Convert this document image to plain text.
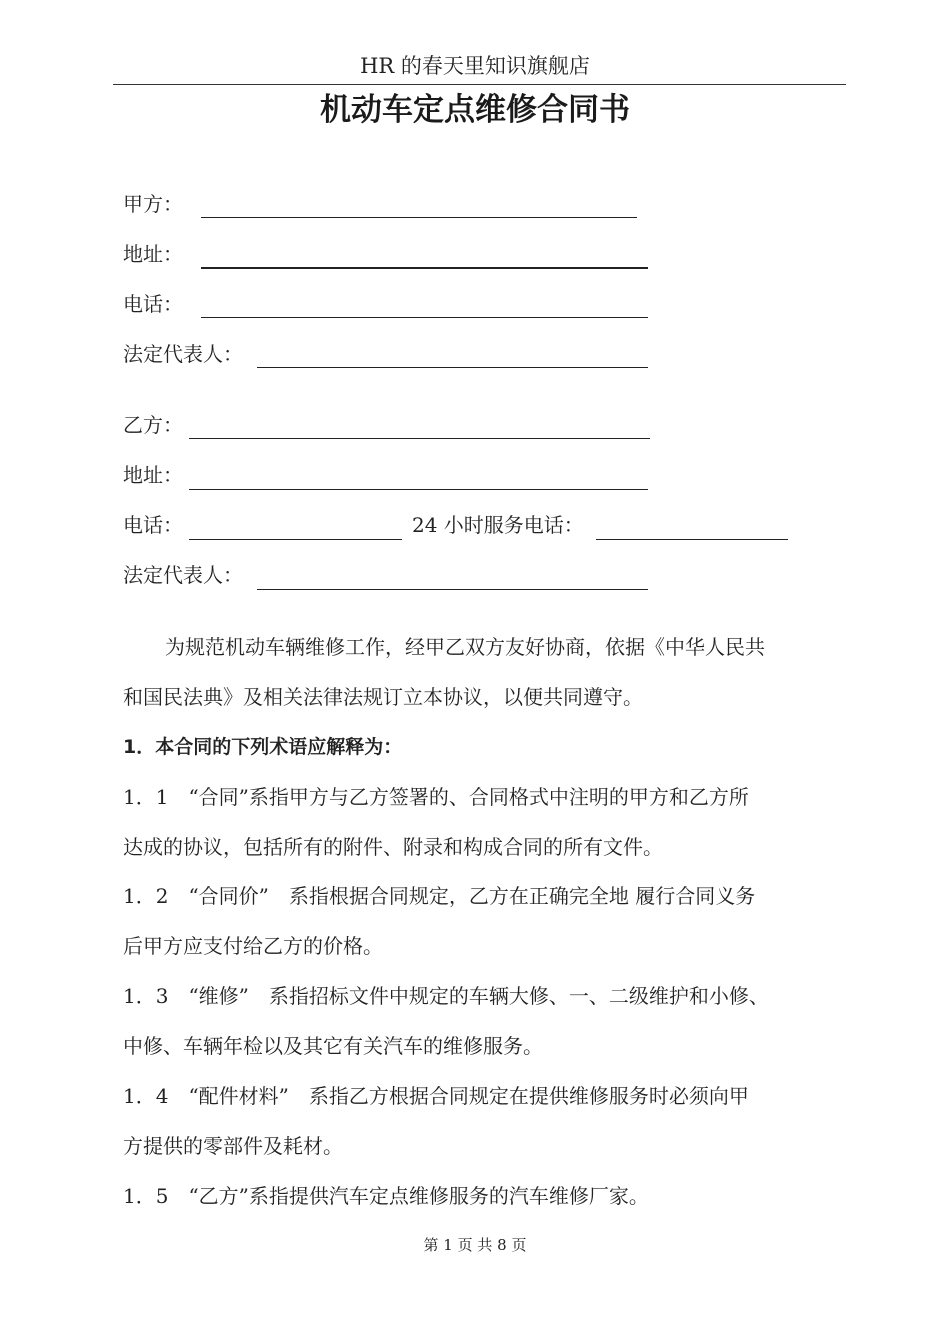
HR 的春天里知识旗舰店
机动车定点维修合同书
甲方：
地址：
电话：
法定代表人：
乙方：
地址：
电话：	24 小时服务电话：
法定代表人：
为规范机动车辆维修工作，经甲乙双方友好协商，依据《中华人民共
和国民法典》及相关法律法规订立本协议，以便共同遵守。
1．本合同的下列术语应解释为：
1．1　“合同”系指甲方与乙方签署的、合同格式中注明的甲方和乙方所
达成的协议，包括所有的附件、附录和构成合同的所有文件。
1．2　“合同价”　系指根据合同规定，乙方在正确完全地 履行合同义务
后甲方应支付给乙方的价格。
1．3　“维修”　系指招标文件中规定的车辆大修、一、二级维护和小修、
中修、车辆年检以及其它有关汽车的维修服务。
1．4　“配件材料”　系指乙方根据合同规定在提供维修服务时必须向甲
方提供的零部件及耗材。
1．5　“乙方”系指提供汽车定点维修服务的汽车维修厂家。
第 1 页 共 8 页
